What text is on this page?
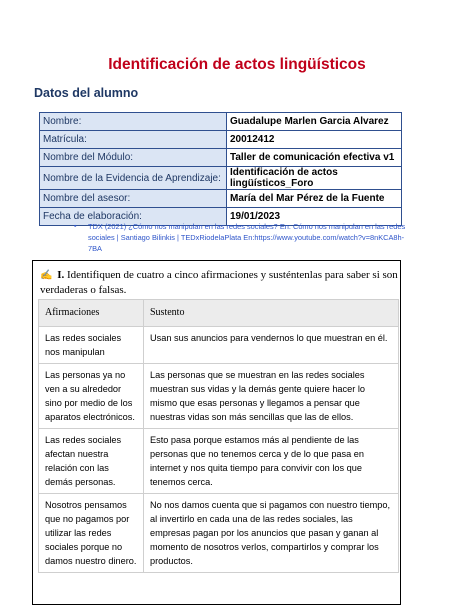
Identificación de actos lingüísticos
Datos del alumno
Nombre:	Guadalupe Marlen Garcia Alvarez
Matrícula:	20012412
Nombre del Módulo:	Taller de comunicación efectiva v1
Nombre de la Evidencia de Aprendizaje:	Identificación de actos lingüísticos_Foro
Nombre del asesor:	María del Mar Pérez de la Fuente
Fecha de elaboración:	19/01/2023
▪ TDX (2021) ¿Cómo nos manipulan en las redes sociales? En: Cómo nos manipulan en las redes sociales | Santiago Bilinkis | TEDxRiodelaPlata En:https://www.youtube.com/watch?v=8nKCA8h-7BA
✍ I. Identifiquen de cuatro a cinco afirmaciones y susténtenlas para saber si son verdaderas o falsas.
Afirmaciones	Sustento
Las redes sociales nos manipulan	Usan sus anuncios para vendernos lo que muestran en él.
Las personas ya no ven a su alrededor sino por medio de los aparatos electrónicos.	Las personas que se muestran en las redes sociales muestran sus vidas y la demás gente quiere hacer lo mismo que esas personas y llegamos a pensar que nuestras vidas son más sencillas que las de ellos.
Las redes sociales afectan nuestra relación con las demás personas.	Esto pasa porque estamos más al pendiente de las personas que no tenemos cerca y de lo que pasa en internet y nos quita tiempo para convivir con los que tenemos cerca.
Nosotros pensamos que no pagamos por utilizar las redes sociales porque no damos nuestro dinero.	No nos damos cuenta que si pagamos con nuestro tiempo, al invertirlo en cada una de las redes sociales, las empresas pagan por los anuncios que pasan y ganan al momento de nosotros verlos, compartirlos y comprar los productos.
